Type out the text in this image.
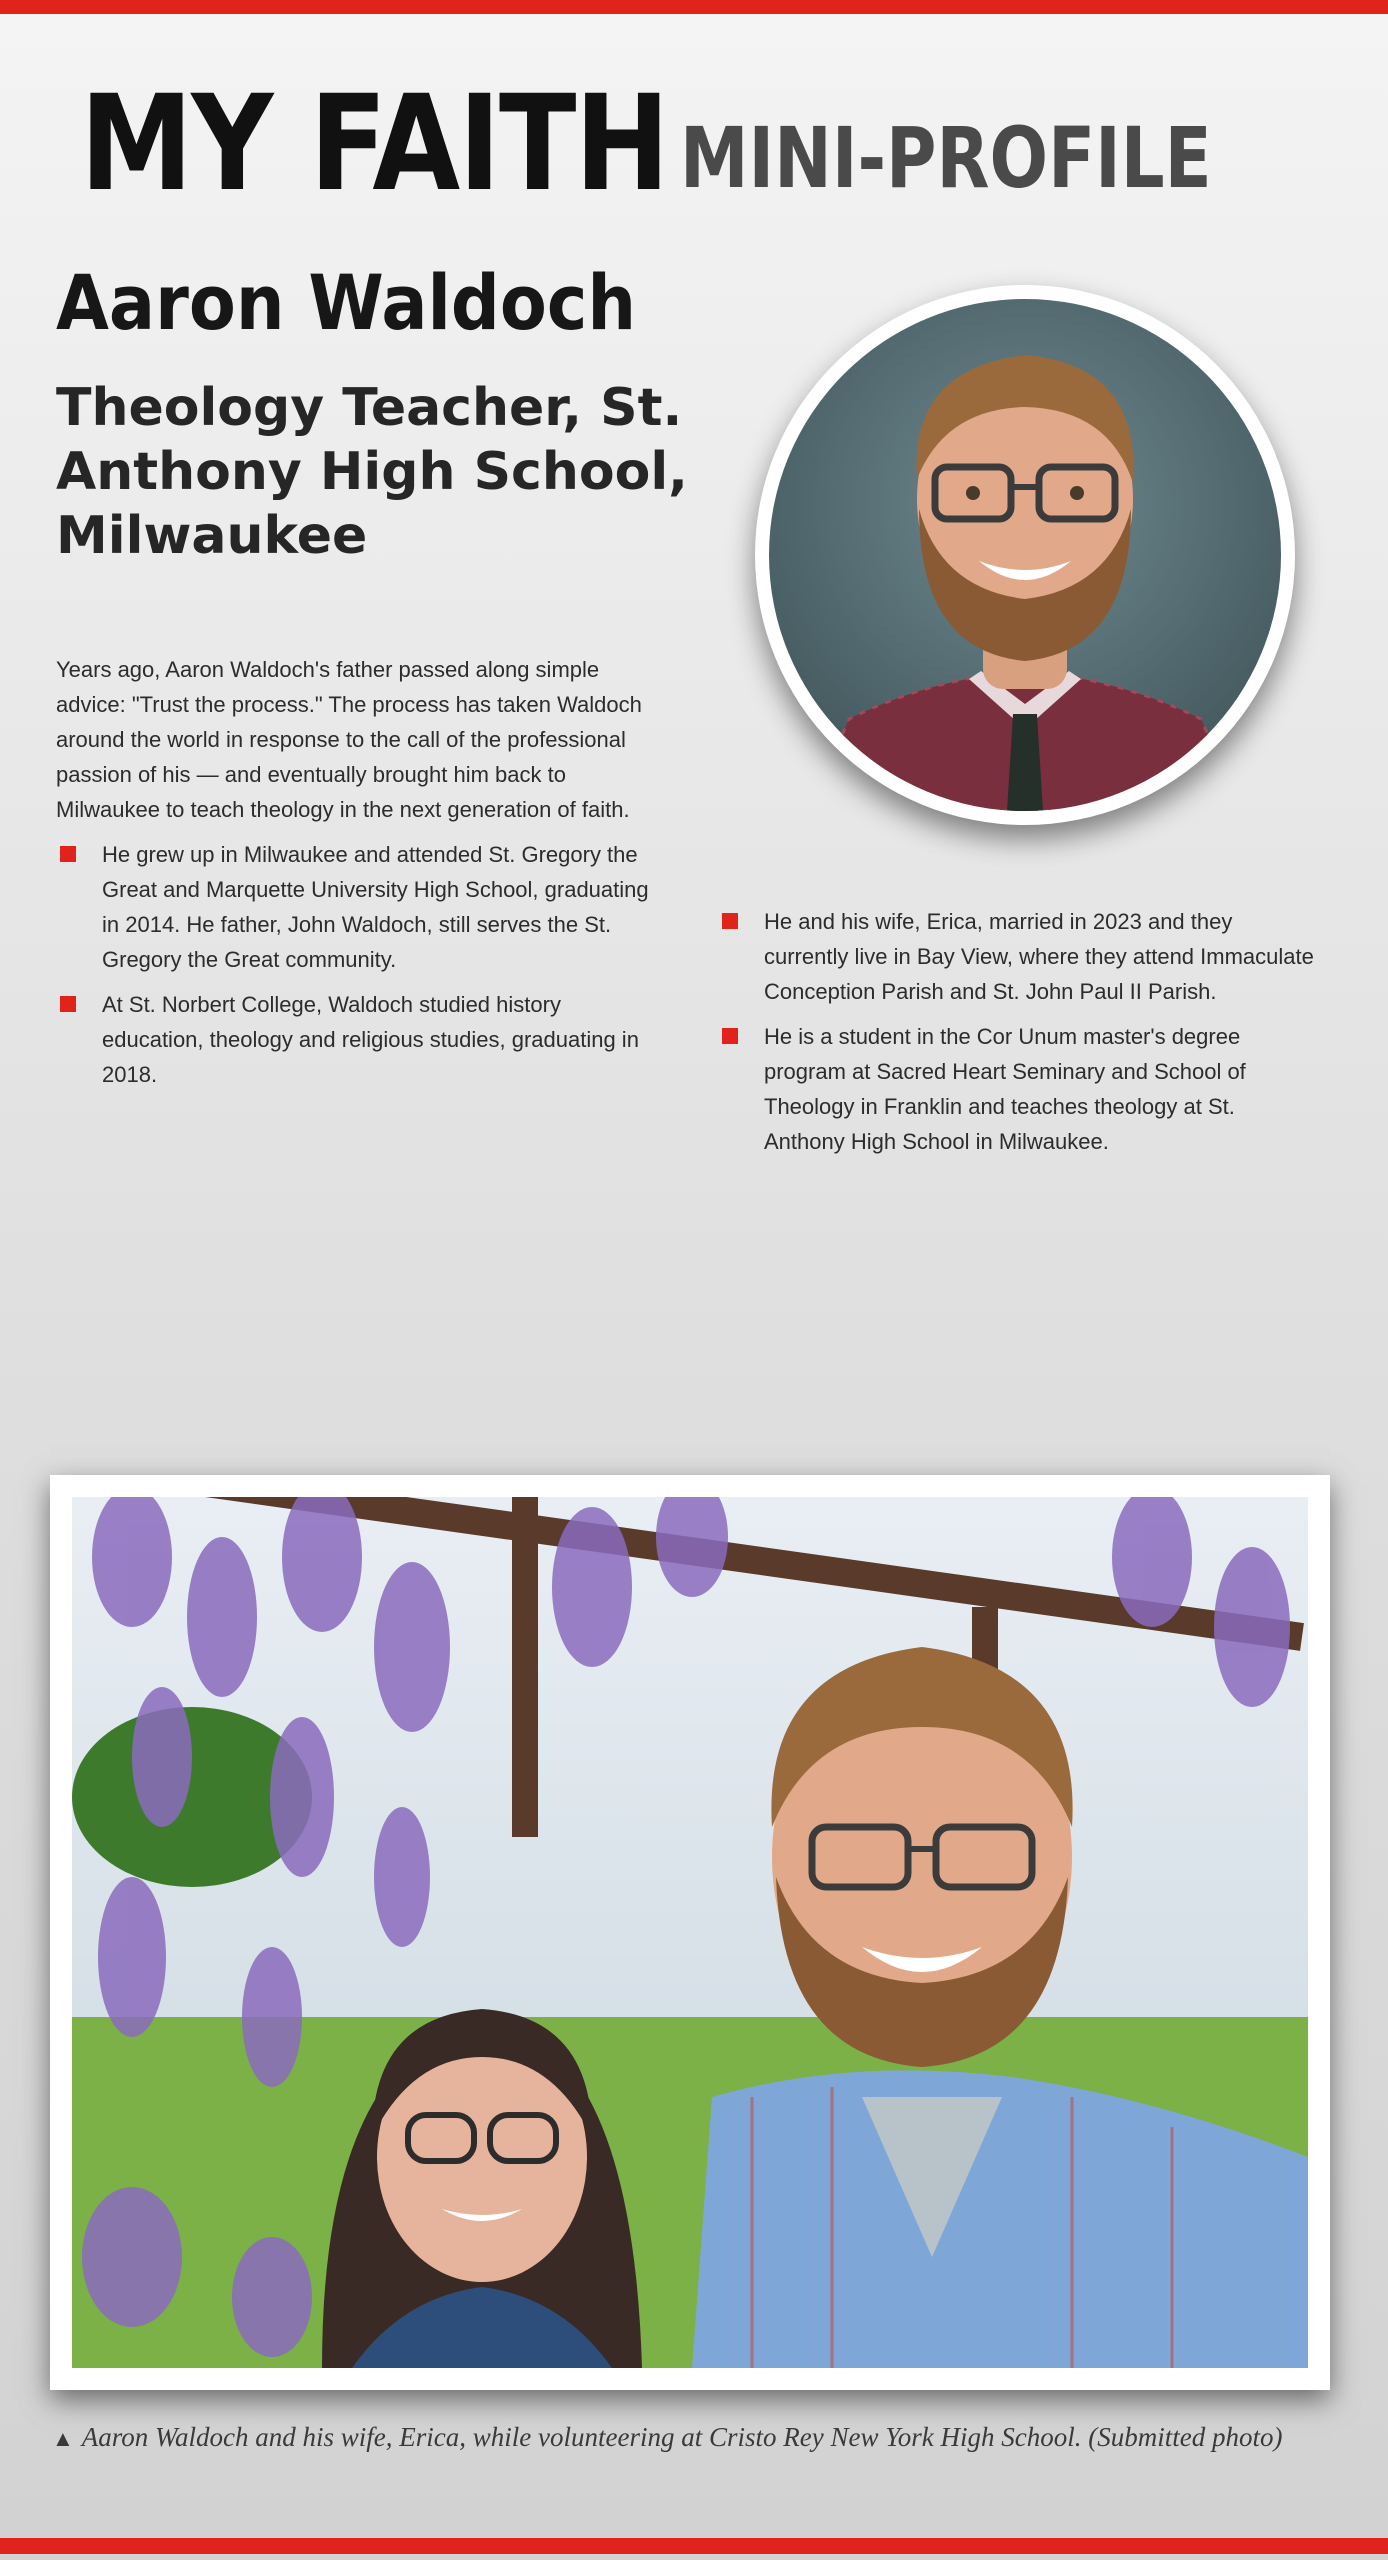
MY FAITH MINI-PROFILE
Aaron Waldoch
Theology Teacher, St. Anthony High School, Milwaukee

Years ago, Aaron Waldoch's father passed along simple advice: "Trust the process." The process has taken Waldoch around the world in response to the call of the professional passion of his — and eventually brought him back to Milwaukee to teach theology in the next generation of faith.

He grew up in Milwaukee and attended St. Gregory the Great and Marquette University High School, graduating in 2014. He father, John Waldoch, still serves the St. Gregory the Great community.
At St. Norbert College, Waldoch studied history education, theology and religious studies, graduating in 2018.
He and his wife, Erica, married in 2023 and they currently live in Bay View, where they attend Immaculate Conception Parish and St. John Paul II Parish.
He is a student in the Cor Unum master's degree program at Sacred Heart Seminary and School of Theology in Franklin and teaches theology at St. Anthony High School in Milwaukee.

▲ Aaron Waldoch and his wife, Erica, while volunteering at Cristo Rey New York High School. (Submitted photo)
